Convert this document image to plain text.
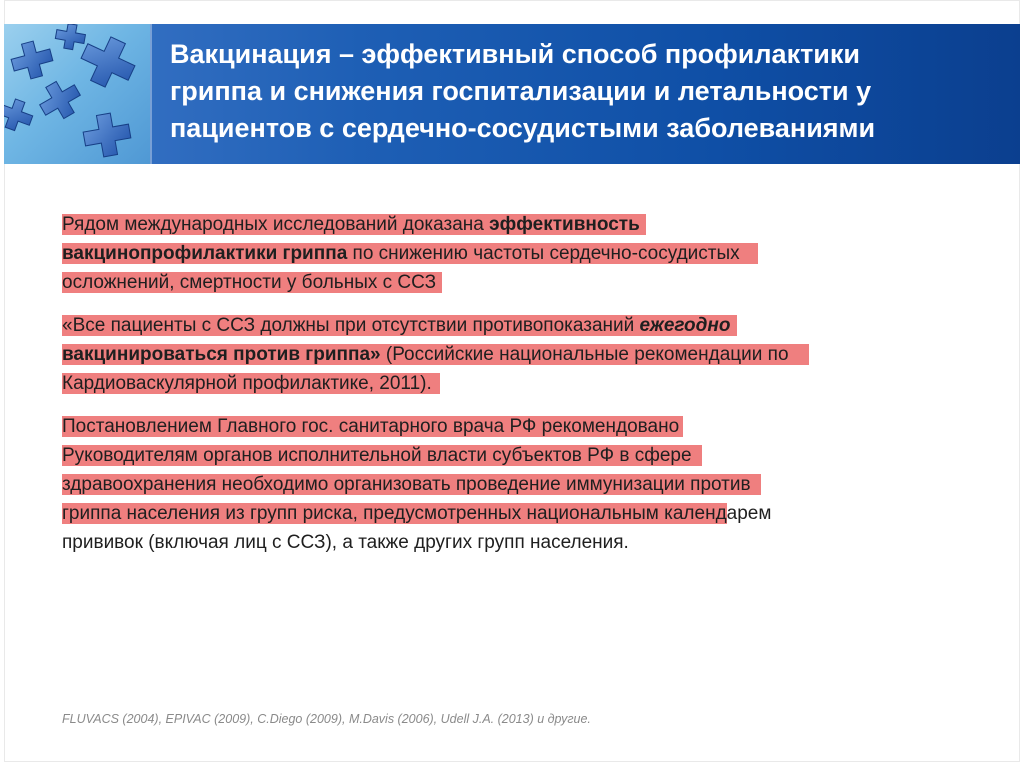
Вакцинация – эффективный способ профилактики
гриппа и снижения госпитализации и летальности у
пациентов с сердечно-сосудистыми заболеваниями

Рядом международных исследований доказана эффективность
вакцинопрофилактики гриппа по снижению частоты сердечно-сосудистых
осложнений, смертности у больных с ССЗ

«Все пациенты с ССЗ должны при отсутствии противопоказаний ежегодно
вакцинироваться против гриппа» (Российские национальные рекомендации по
Кардиоваскулярной профилактике, 2011).

Постановлением Главного гос. санитарного врача РФ рекомендовано
Руководителям органов исполнительной власти субъектов РФ в сфере
здравоохранения необходимо организовать проведение иммунизации против
гриппа населения из групп риска, предусмотренных национальным календарем
прививок (включая лиц с ССЗ), а также других групп населения.

FLUVACS (2004), EPIVAC (2009), C.Diego (2009), M.Davis (2006), Udell J.A. (2013) и другие.
